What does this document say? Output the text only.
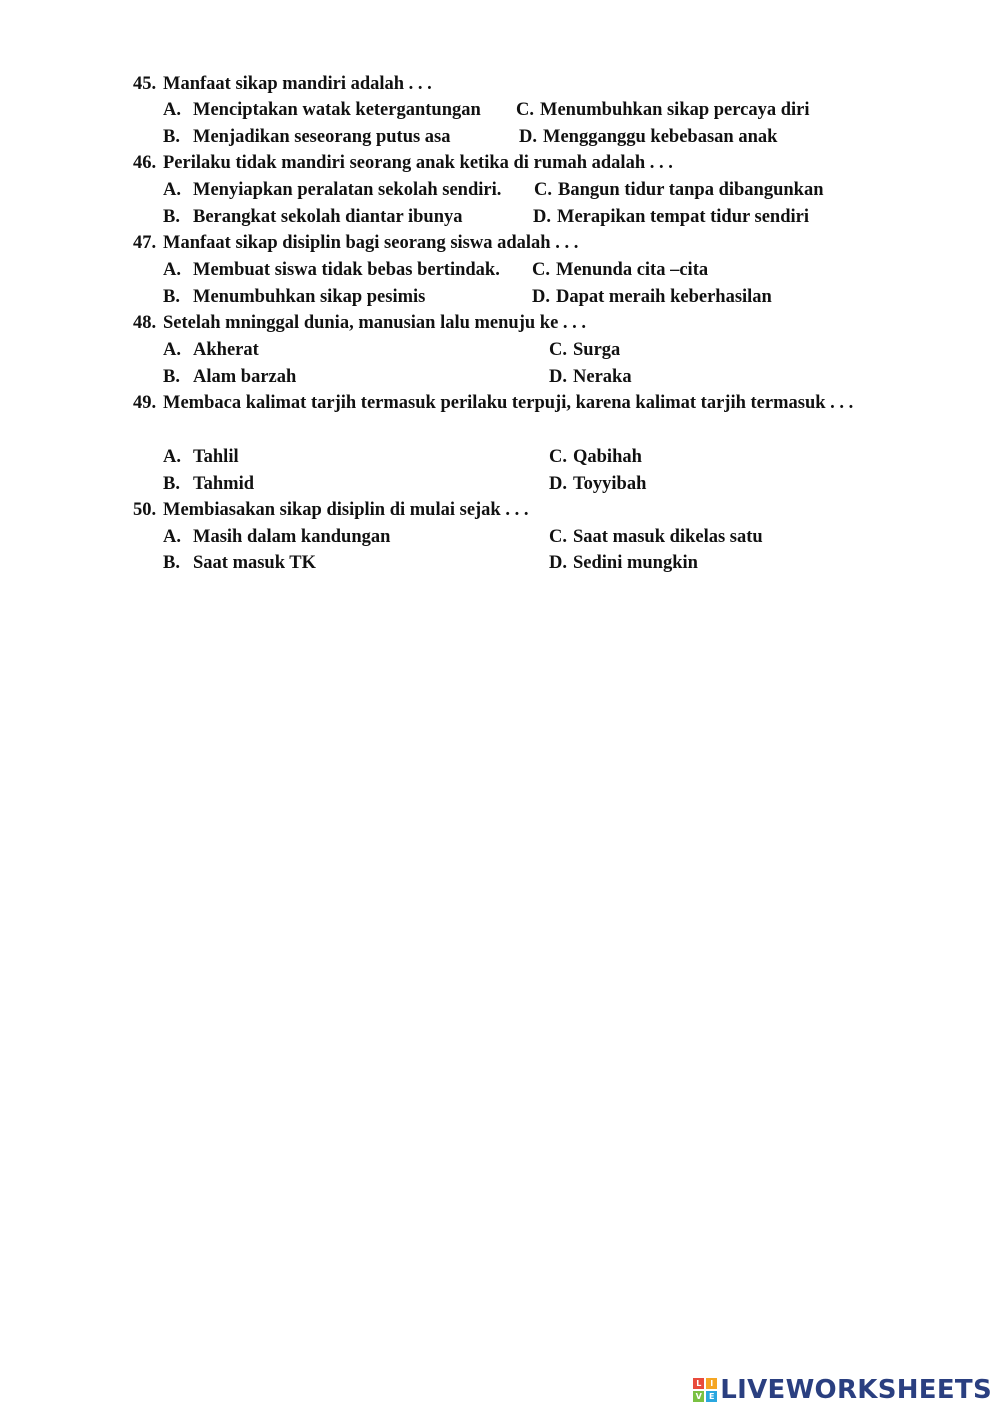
45. Manfaat sikap mandiri adalah . . .
A. Menciptakan watak ketergantungan C. Menumbuhkan sikap percaya diri
B. Menjadikan seseorang putus asa	D. Mengganggu kebebasan anak
46. Perilaku tidak mandiri seorang anak ketika di rumah adalah . . .
A. Menyiapkan peralatan sekolah sendiri. C. Bangun tidur tanpa dibangunkan
B. Berangkat sekolah diantar ibunya	D. Merapikan tempat tidur sendiri
47. Manfaat sikap disiplin bagi seorang siswa adalah . . .
A. Membuat siswa tidak bebas bertindak. C. Menunda cita –cita
B. Menumbuhkan sikap pesimis	D. Dapat meraih keberhasilan
48. Setelah mninggal dunia, manusian lalu menuju ke . . .
A. Akherat	C. Surga
B. Alam barzah	D. Neraka
49. Membaca kalimat tarjih termasuk perilaku terpuji, karena kalimat tarjih termasuk . . .
A. Tahlil	C. Qabihah
B. Tahmid	D. Toyyibah
50. Membiasakan sikap disiplin di mulai sejak . . .
A. Masih dalam kandungan	C. Saat masuk dikelas satu
B. Saat masuk TK	D. Sedini mungkin
L	I
V E LIVEWORKSHEETS
